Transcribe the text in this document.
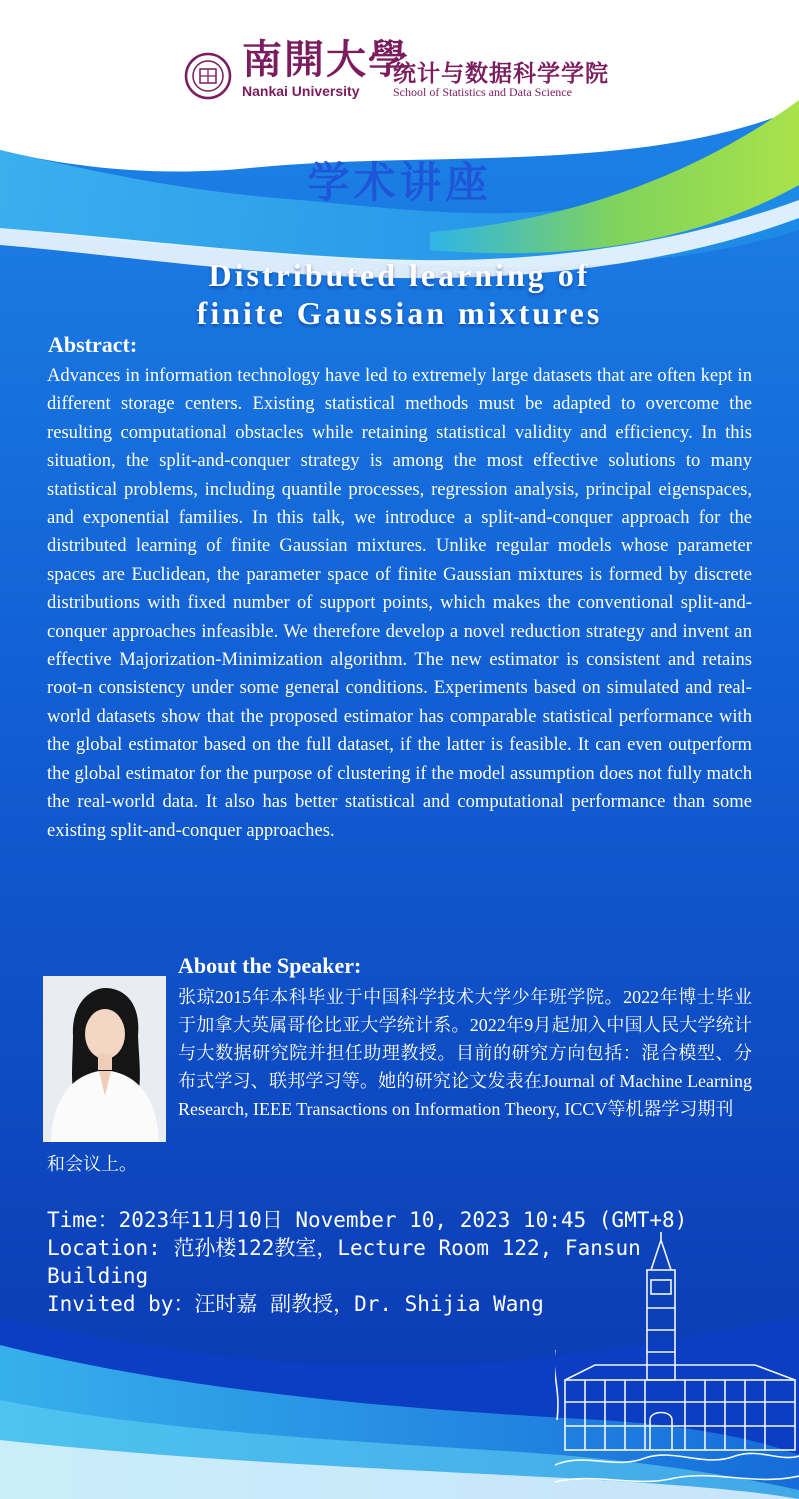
南開大學
Nankai University
统计与数据科学学院
School of Statistics and Data Science
学术讲座
Distributed learning of
finite Gaussian mixtures
Abstract:

Advances in information technology have led to extremely large datasets that are often kept in different storage centers. Existing statistical methods must be adapted to overcome the resulting computational obstacles while retaining statistical validity and efficiency. In this situation, the split-and-conquer strategy is among the most effective solutions to many statistical problems, including quantile processes, regression analysis, principal eigenspaces, and exponential families. In this talk, we introduce a split-and-conquer approach for the distributed learning of finite Gaussian mixtures. Unlike regular models whose parameter spaces are Euclidean, the parameter space of finite Gaussian mixtures is formed by discrete distributions with fixed number of support points, which makes the conventional split-and-conquer approaches infeasible. We therefore develop a novel reduction strategy and invent an effective Majorization-Minimization algorithm. The new estimator is consistent and retains root-n consistency under some general conditions. Experiments based on simulated and real-world datasets show that the proposed estimator has comparable statistical performance with the global estimator based on the full dataset, if the latter is feasible. It can even outperform the global estimator for the purpose of clustering if the model assumption does not fully match the real-world data. It also has better statistical and computational performance than some existing split-and-conquer approaches.

About the Speaker:
张琼2015年本科毕业于中国科学技术大学少年班学院。2022年博士毕业于加拿大英属哥伦比亚大学统计系。2022年9月起加入中国人民大学统计与大数据研究院并担任助理教授。目前的研究方向包括：混合模型、分布式学习、联邦学习等。她的研究论文发表在Journal of Machine Learning Research, IEEE Transactions on Information Theory, ICCV等机器学习期刊
和会议上。
Time：2023年11月10日 November 10, 2023 10:45 (GMT+8)
Location: 范孙楼122教室，Lecture Room 122, Fansun
Building
Invited by：汪时嘉 副教授，Dr. Shijia Wang
